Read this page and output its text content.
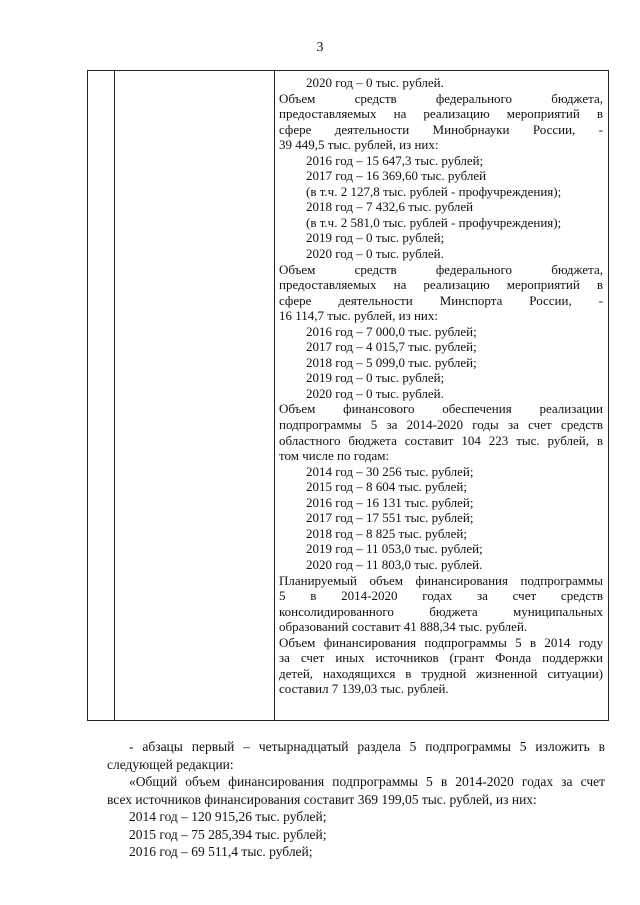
3

2020 год – 0 тыс. рублей.

Объем средств федерального бюджета,

предоставляемых на реализацию мероприятий в

сфере деятельности Минобрнауки России, -

39 449,5 тыс. рублей, из них:

2016 год – 15 647,3 тыс. рублей;

2017 год – 16 369,60 тыс. рублей

(в т.ч. 2 127,8 тыс. рублей - профучреждения);

2018 год – 7 432,6 тыс. рублей

(в т.ч. 2 581,0 тыс. рублей - профучреждения);

2019 год – 0 тыс. рублей;

2020 год – 0 тыс. рублей.

Объем средств федерального бюджета,

предоставляемых на реализацию мероприятий в

сфере деятельности Минспорта России, -

16 114,7 тыс. рублей, из них:

2016 год – 7 000,0 тыс. рублей;

2017 год – 4 015,7 тыс. рублей;

2018 год – 5 099,0 тыс. рублей;

2019 год – 0 тыс. рублей;

2020 год – 0 тыс. рублей.

Объем финансового обеспечения реализации

подпрограммы 5 за 2014-2020 годы за счет средств

областного бюджета составит 104 223 тыс. рублей, в

том числе по годам:

2014 год – 30 256 тыс. рублей;

2015 год – 8 604 тыс. рублей;

2016 год – 16 131 тыс. рублей;

2017 год – 17 551 тыс. рублей;

2018 год – 8 825 тыс. рублей;

2019 год – 11 053,0 тыс. рублей;

2020 год – 11 803,0 тыс. рублей.

Планируемый объем финансирования подпрограммы

5 в 2014-2020 годах за счет средств

консолидированного бюджета муниципальных

образований составит 41 888,34 тыс. рублей.

Объем финансирования подпрограммы 5 в 2014 году

за счет иных источников (грант Фонда поддержки

детей, находящихся в трудной жизненной ситуации)

составил 7 139,03 тыс. рублей.

- абзацы первый – четырнадцатый раздела 5 подпрограммы 5 изложить в

следующей редакции:

«Общий объем финансирования подпрограммы 5 в 2014-2020 годах за счет

всех источников финансирования составит 369 199,05 тыс. рублей, из них:

2014 год – 120 915,26 тыс. рублей;

2015 год – 75 285,394 тыс. рублей;

2016 год – 69 511,4 тыс. рублей;
